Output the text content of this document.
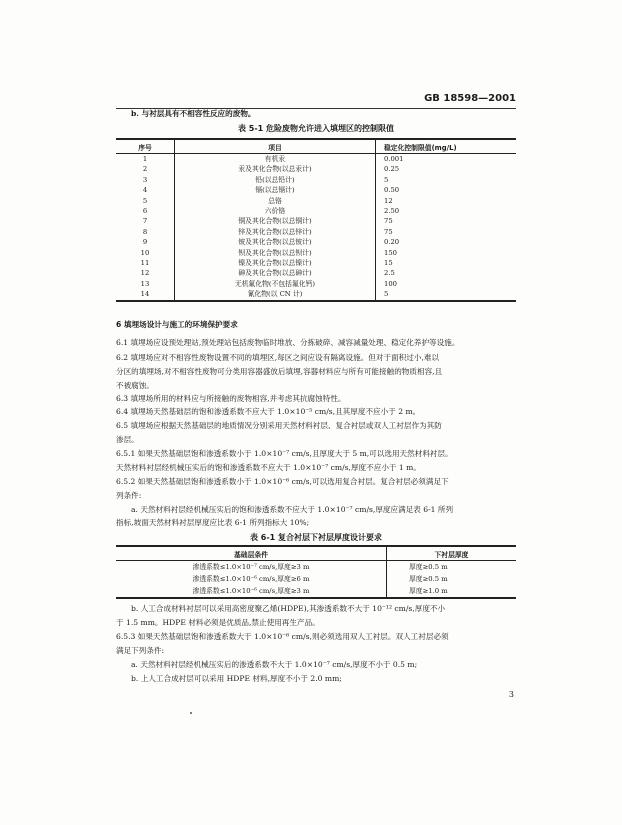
GB 18598—2001
b. 与衬层具有不相容性反应的废物。
表 5-1 危险废物允许进入填埋区的控制限值
序号	项目	稳定化控制限值(mg/L)
1	有机汞	0.001
2	汞及其化合物(以总汞计)	0.25
3	铅(以总铅计)	5
4	镉(以总镉计)	0.50
5	总铬	12
6	六价铬	2.50
7	铜及其化合物(以总铜计)	75
8	锌及其化合物(以总锌计)	75
9	铍及其化合物(以总铍计)	0.20
10	钡及其化合物(以总钡计)	150
11	镍及其化合物(以总镍计)	15
12	砷及其化合物(以总砷计)	2.5
13	无机氟化物(不包括氟化钙)	100
14	氰化物(以 CN 计)	5
6 填埋场设计与施工的环境保护要求
6.1 填埋场应设预处理站,预处理站包括废物临时堆放、分拣破碎、减容减量处理、稳定化养护等设施。
6.2 填埋场应对不相容性废物设置不同的填埋区,每区之间应设有隔离设施。但对于面积过小,难以
分区的填埋场,对不相容性废物可分类用容器盛放后填埋,容器材料应与所有可能接触的物质相容,且
不被腐蚀。
6.3 填埋场所用的材料应与所接触的废物相容,并考虑其抗腐蚀特性。
6.4 填埋场天然基础层的饱和渗透系数不应大于 1.0×10⁻⁵ cm/s,且其厚度不应小于 2 m。
6.5 填埋场应根据天然基础层的地质情况分别采用天然材料衬层、复合衬层或双人工衬层作为其防
渗层。
6.5.1 如果天然基础层饱和渗透系数小于 1.0×10⁻⁷ cm/s,且厚度大于 5 m,可以选用天然材料衬层。
天然材料衬层经机械压实后的饱和渗透系数不应大于 1.0×10⁻⁷ cm/s,厚度不应小于 1 m。
6.5.2 如果天然基础层饱和渗透系数小于 1.0×10⁻⁶ cm/s,可以选用复合衬层。复合衬层必须满足下
列条件:
a. 天然材料衬层经机械压实后的饱和渗透系数不应大于 1.0×10⁻⁷ cm/s,厚度应满足表 6-1 所列
指标,坡面天然材料衬层厚度应比表 6-1 所列指标大 10%;
表 6-1 复合衬层下衬层厚度设计要求
基础层条件	下衬层厚度
渗透系数≤1.0×10⁻⁷ cm/s,厚度≥3 m	厚度≥0.5 m
渗透系数≤1.0×10⁻⁶ cm/s,厚度≥6 m	厚度≥0.5 m
渗透系数≤1.0×10⁻⁶ cm/s,厚度≥3 m	厚度≥1.0 m
b. 人工合成材料衬层可以采用高密度聚乙烯(HDPE),其渗透系数不大于 10⁻¹² cm/s,厚度不小
于 1.5 mm。HDPE 材料必须是优质品,禁止使用再生产品。
6.5.3 如果天然基础层饱和渗透系数大于 1.0×10⁻⁶ cm/s,则必须选用双人工衬层。双人工衬层必须
满足下列条件:
a. 天然材料衬层经机械压实后的渗透系数不大于 1.0×10⁻⁷ cm/s,厚度不小于 0.5 m;
b. 上人工合成衬层可以采用 HDPE 材料,厚度不小于 2.0 mm;
3
